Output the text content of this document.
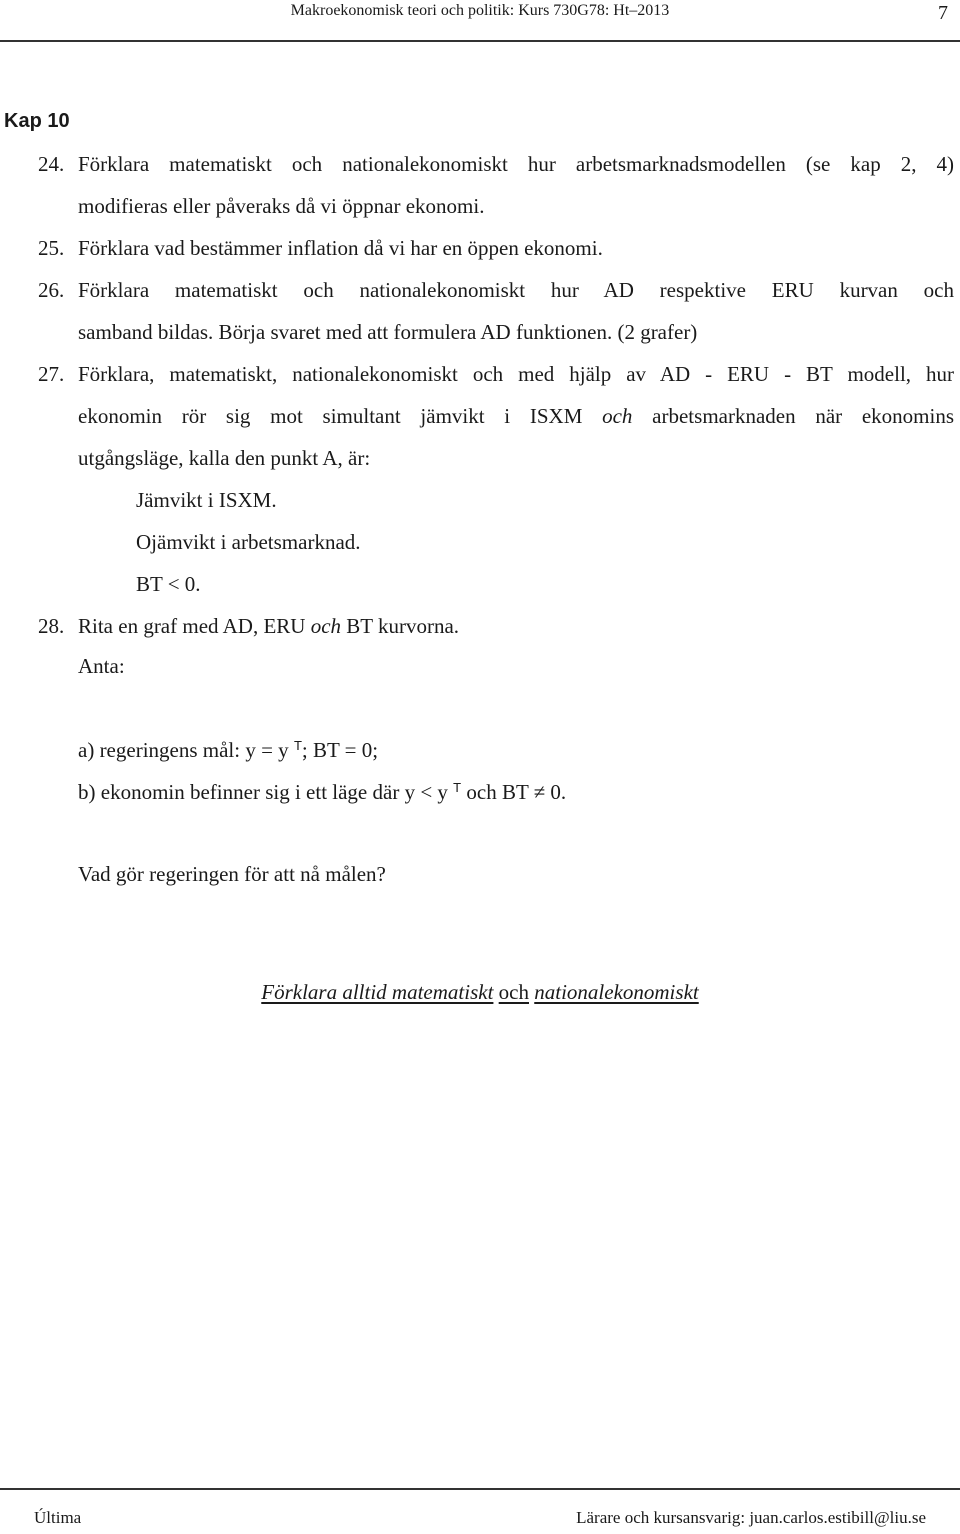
Makroekonomisk teori och politik: Kurs 730G78: Ht–2013	7
Kap 10
24. Förklara matematiskt och nationalekonomiskt hur arbetsmarknadsmodellen (se kap 2, 4)
modifieras eller påveraks då vi öppnar ekonomi.
25. Förklara vad bestämmer inflation då vi har en öppen ekonomi.
26. Förklara matematiskt och nationalekonomiskt hur AD respektive ERU kurvan och
samband bildas. Börja svaret med att formulera AD funktionen. (2 grafer)
27. Förklara, matematiskt, nationalekonomiskt och med hjälp av AD - ERU - BT modell, hur
ekonomin rör sig mot simultant jämvikt i ISXM och arbetsmarknaden när ekonomins
utgångsläge, kalla den punkt A, är:
Jämvikt i ISXM.
Ojämvikt i arbetsmarknad.
BT < 0.
28. Rita en graf med AD, ERU och BT kurvorna.
Anta:
a) regeringens mål: y = y $^T$; BT = 0;
b) ekonomin befinner sig i ett läge där y < y $^T$ och BT ≠ 0.
Vad gör regeringen för att nå målen?
Förklara alltid matematiskt och nationalekonomiskt
Última	Lärare och kursansvarig: juan.carlos.estibill@liu.se
